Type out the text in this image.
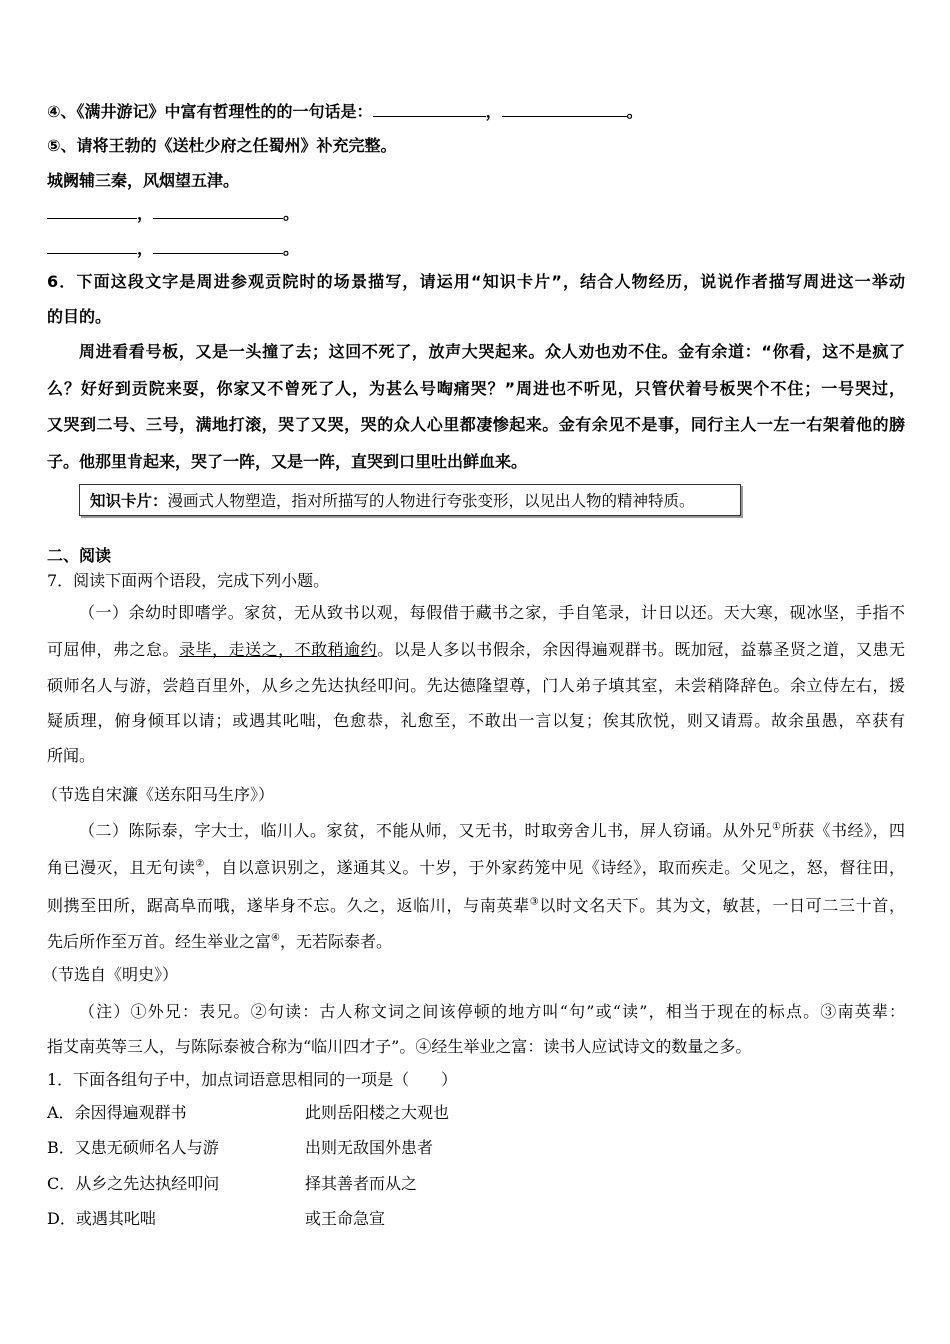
④、《满井游记》中富有哲理性的的一句话是：	，	。
⑤、请将王勃的《送杜少府之任蜀州》补充完整。
城阙辅三秦，风烟望五津。
，	。
，	。
6．下面这段文字是周进参观贡院时的场景描写，请运用“知识卡片”，结合人物经历，说说作者描写周进这一举动
的目的。
周进看看号板，又是一头撞了去；这回不死了，放声大哭起来。众人劝也劝不住。金有余道：“你看，这不是疯了
么？好好到贡院来耍，你家又不曾死了人，为甚么号啕痛哭？”周进也不听见，只管伏着号板哭个不住；一号哭过，
又哭到二号、三号，满地打滚，哭了又哭，哭的众人心里都凄惨起来。金有余见不是事，同行主人一左一右架着他的膀
子。他那里肯起来，哭了一阵，又是一阵，直哭到口里吐出鲜血来。
知识卡片：漫画式人物塑造，指对所描写的人物进行夸张变形，以见出人物的精神特质。
二、阅读
7．阅读下面两个语段，完成下列小题。
（一）余幼时即嗜学。家贫，无从致书以观，每假借于藏书之家，手自笔录，计日以还。天大寒，砚冰坚，手指不
可屈伸，弗之怠。录毕，走送之，不敢稍逾约。以是人多以书假余，余因得遍观群书。既加冠，益慕圣贤之道，又患无
硕师名人与游，尝趋百里外，从乡之先达执经叩问。先达德隆望尊，门人弟子填其室，未尝稍降辞色。余立侍左右，援
疑质理，俯身倾耳以请；或遇其叱咄，色愈恭，礼愈至，不敢出一言以复；俟其欣悦，则又请焉。故余虽愚，卒获有
所闻。
（节选自宋濂《送东阳马生序》）
（二）陈际泰，字大士，临川人。家贫，不能从师，又无书，时取旁舍儿书，屏人窃诵。从外兄①所获《书经》，四
角已漫灭，且无句读②，自以意识别之，遂通其义。十岁，于外家药笼中见《诗经》，取而疾走。父见之，怒，督往田，
则携至田所，踞高阜而哦，遂毕身不忘。久之，返临川，与南英辈③以时文名天下。其为文，敏甚，一日可二三十首，
先后所作至万首。经生举业之富④，无若际泰者。
（节选自《明史》）
（注）①外兄：表兄。②句读：古人称文词之间该停顿的地方叫“句”或“读”，相当于现在的标点。③南英辈：
指艾南英等三人，与陈际泰被合称为“临川四才子”。④经生举业之富：读书人应试诗文的数量之多。
1．下面各组句子中，加点词语意思相同的一项是（　　）
A．余因得遍观群书	此则岳阳楼之大观也
B．又患无硕师名人与游	出则无敌国外患者
C．从乡之先达执经叩问	择其善者而从之
D．或遇其叱咄	或王命急宣
